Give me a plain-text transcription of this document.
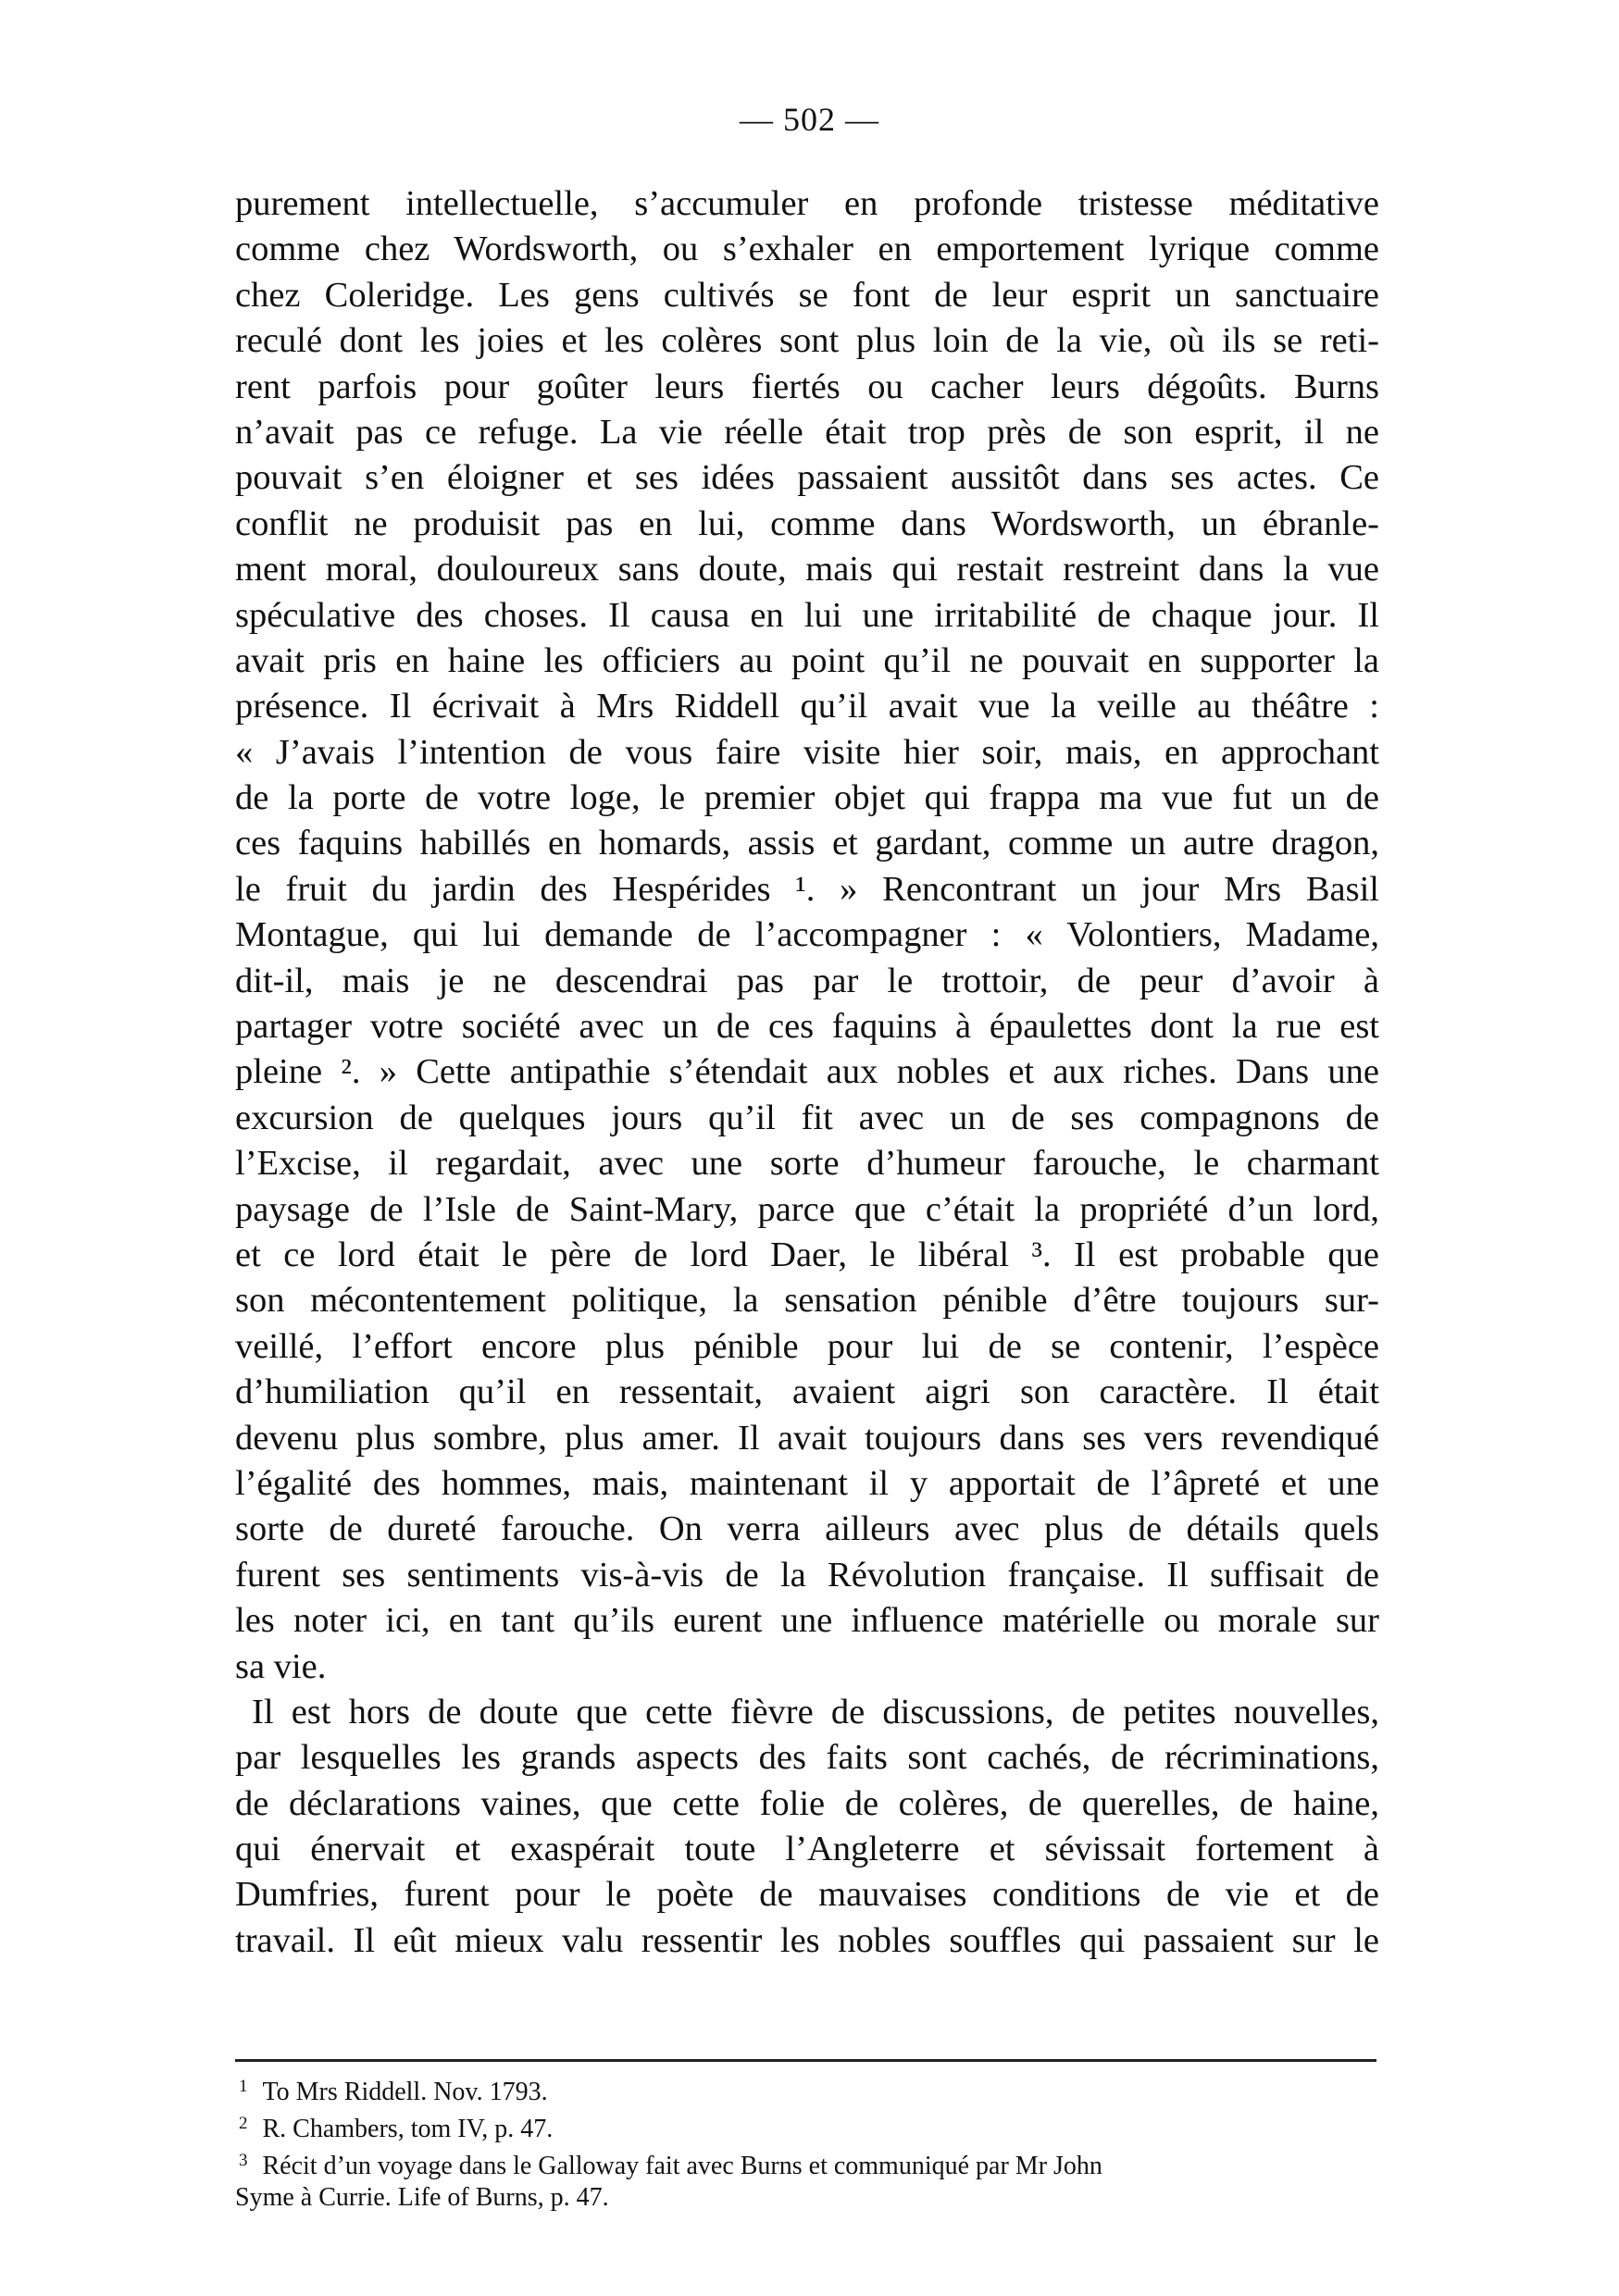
— 502 —
purement intellectuelle, s’accumuler en profonde tristesse méditative
comme chez Wordsworth, ou s’exhaler en emportement lyrique comme
chez Coleridge. Les gens cultivés se font de leur esprit un sanctuaire
reculé dont les joies et les colères sont plus loin de la vie, où ils se reti-
rent parfois pour goûter leurs fiertés ou cacher leurs dégoûts. Burns
n’avait pas ce refuge. La vie réelle était trop près de son esprit, il ne
pouvait s’en éloigner et ses idées passaient aussitôt dans ses actes. Ce
conflit ne produisit pas en lui, comme dans Wordsworth, un ébranle-
ment moral, douloureux sans doute, mais qui restait restreint dans la vue
spéculative des choses. Il causa en lui une irritabilité de chaque jour. Il
avait pris en haine les officiers au point qu’il ne pouvait en supporter la
présence. Il écrivait à Mrs Riddell qu’il avait vue la veille au théâtre :
« J’avais l’intention de vous faire visite hier soir, mais, en approchant
de la porte de votre loge, le premier objet qui frappa ma vue fut un de
ces faquins habillés en homards, assis et gardant, comme un autre dragon,
le fruit du jardin des Hespérides ¹. » Rencontrant un jour Mrs Basil
Montague, qui lui demande de l’accompagner : « Volontiers, Madame,
dit-il, mais je ne descendrai pas par le trottoir, de peur d’avoir à
partager votre société avec un de ces faquins à épaulettes dont la rue est
pleine ². » Cette antipathie s’étendait aux nobles et aux riches. Dans une
excursion de quelques jours qu’il fit avec un de ses compagnons de
l’Excise, il regardait, avec une sorte d’humeur farouche, le charmant
paysage de l’Isle de Saint-Mary, parce que c’était la propriété d’un lord,
et ce lord était le père de lord Daer, le libéral ³. Il est probable que
son mécontentement politique, la sensation pénible d’être toujours sur-
veillé, l’effort encore plus pénible pour lui de se contenir, l’espèce
d’humiliation qu’il en ressentait, avaient aigri son caractère. Il était
devenu plus sombre, plus amer. Il avait toujours dans ses vers revendiqué
l’égalité des hommes, mais, maintenant il y apportait de l’âpreté et une
sorte de dureté farouche. On verra ailleurs avec plus de détails quels
furent ses sentiments vis-à-vis de la Révolution française. Il suffisait de
les noter ici, en tant qu’ils eurent une influence matérielle ou morale sur
sa vie.
Il est hors de doute que cette fièvre de discussions, de petites nouvelles,
par lesquelles les grands aspects des faits sont cachés, de récriminations,
de déclarations vaines, que cette folie de colères, de querelles, de haine,
qui énervait et exaspérait toute l’Angleterre et sévissait fortement à
Dumfries, furent pour le poète de mauvaises conditions de vie et de
travail. Il eût mieux valu ressentir les nobles souffles qui passaient sur le
$^1$ To Mrs Riddell. Nov. 1793.
$^2$ R. Chambers, tom IV, p. 47.
$^3$ Récit d’un voyage dans le Galloway fait avec Burns et communiqué par Mr John
Syme à Currie. Life of Burns, p. 47.
